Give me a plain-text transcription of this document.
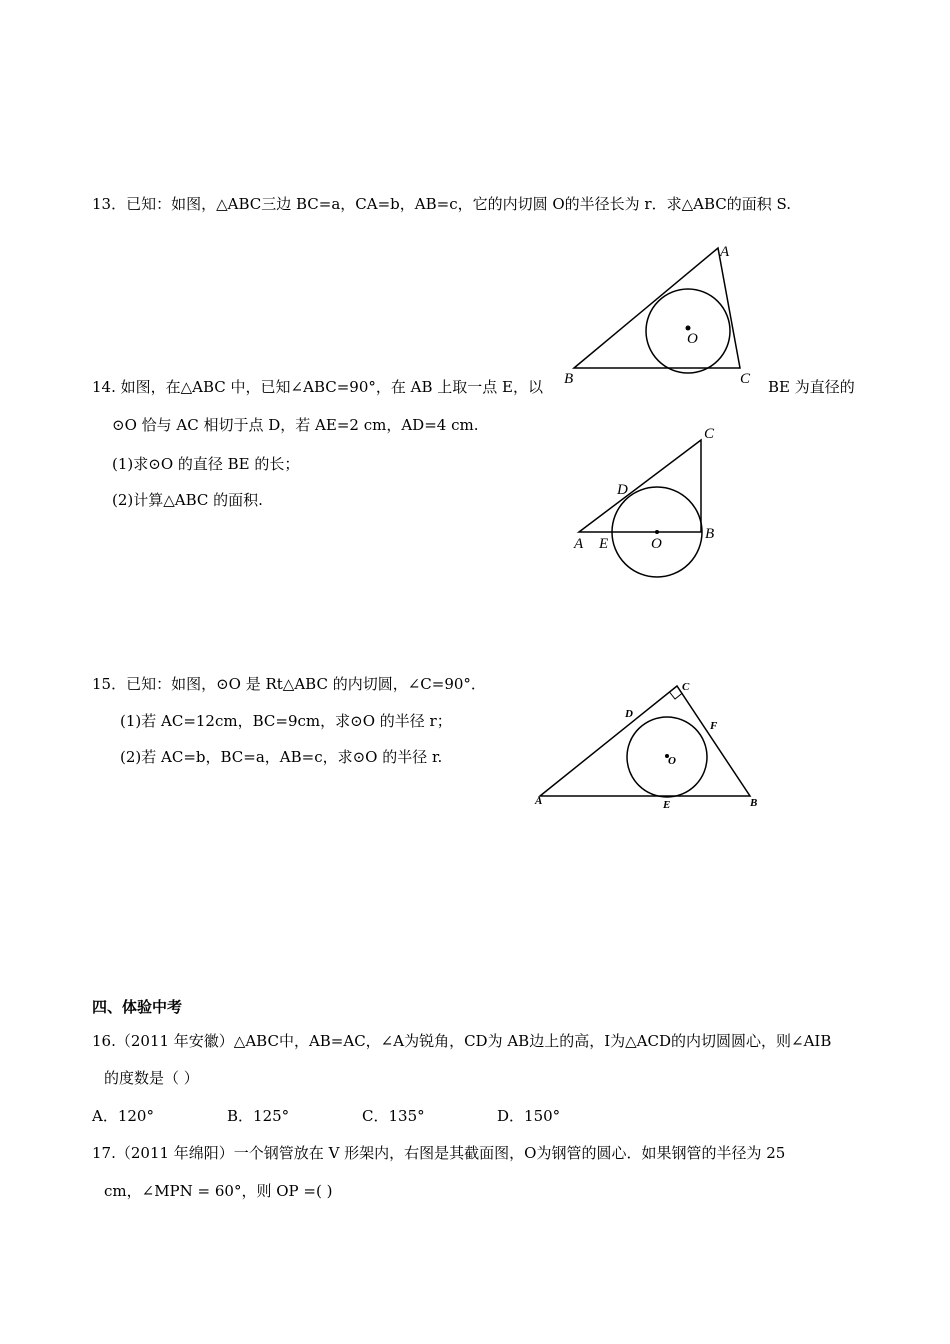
13．已知：如图，△ABC三边 BC=a，CA=b，AB=c，它的内切圆 O的半径长为 r．求△ABC的面积 S.
A
B	C
O
14. 如图，在△ABC 中，已知∠ABC=90°，在 AB 上取一点 E，以	BE 为直径的
⊙O 恰与 AC 相切于点 D，若 AE=2 cm，AD=4 cm.
(1)求⊙O 的直径 BE 的长；
(2)计算△ABC 的面积.
C
D
A E	O
B
15．已知：如图，⊙O 是 Rt△ABC 的内切圆，∠C=90°．
(1)若 AC=12cm，BC=9cm，求⊙O 的半径 r；
(2)若 AC=b，BC=a，AB=c，求⊙O 的半径 r.
C
D
F
O
A	E	B
四、体验中考
16.（2011 年安徽）△ABC中，AB=AC，∠A为锐角，CD为 AB边上的高，I为△ACD的内切圆圆心，则∠AIB
的度数是（ ）
A．120°	B．125°	C．135°	D．150°
17.（2011 年绵阳）一个钢管放在 V 形架内，右图是其截面图，O为钢管的圆心．如果钢管的半径为 25
cm，∠MPN = 60°，则 OP =( )
